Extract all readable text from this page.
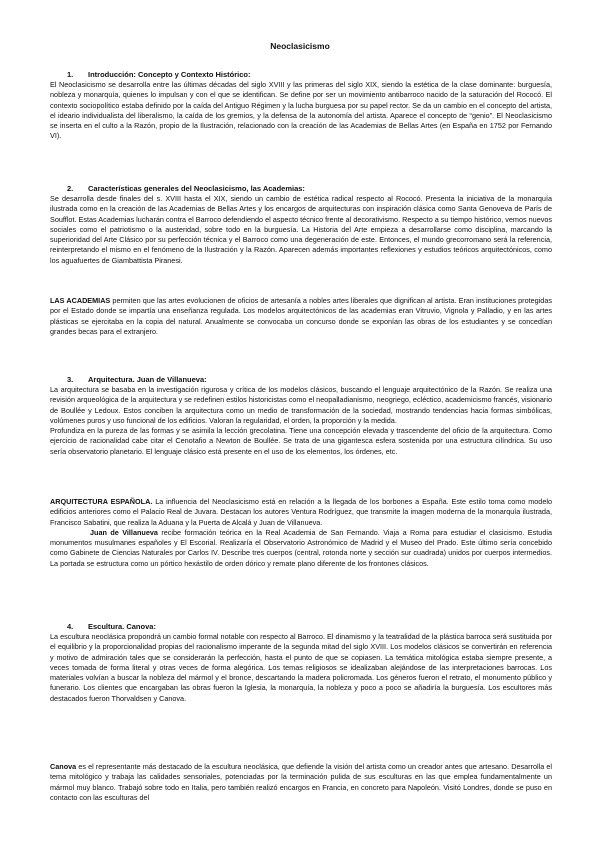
Neoclasicismo
1. Introducción: Concepto y Contexto Histórico:

El Neoclasicismo se desarrolla entre las últimas décadas del siglo XVIII y las primeras del siglo XIX, siendo la estética de la clase dominante: burguesía, nobleza y monarquía, quienes lo impulsan y con el que se identifican. Se define por ser un movimiento antibarroco nacido de la saturación del Rococó. El contexto sociopolítico estaba definido por la caída del Antiguo Régimen y la lucha burguesa por su papel rector. Se da un cambio en el concepto del artista, el ideario individualista del liberalismo, la caída de los gremios, y la defensa de la autonomía del artista. Aparece el concepto de “genio”. El Neoclasicismo se inserta en el culto a la Razón, propio de la Ilustración, relacionado con la creación de las Academias de Bellas Artes (en España en 1752 por Fernando VI).

2. Características generales del Neoclasicismo, las Academias:

Se desarrolla desde finales del s. XVIII hasta el XIX, siendo un cambio de estética radical respecto al Rococó. Presenta la iniciativa de la monarquía ilustrada como en la creación de las Academias de Bellas Artes y los encargos de arquitecturas con inspiración clásica como Santa Genoveva de París de Soufflot. Estas Academias lucharán contra el Barroco defendiendo el aspecto técnico frente al decorativismo. Respecto a su tiempo histórico, vemos nuevos sociales como el patriotismo o la austeridad, sobre todo en la burguesía. La Historia del Arte empieza a desarrollarse como disciplina, marcando la superioridad del Arte Clásico por su perfección técnica y el Barroco como una degeneración de este. Entonces, el mundo grecorromano será la referencia, reinterpretando el mismo en el fenómeno de la Ilustración y la Razón. Aparecen además importantes reflexiones y estudios teóricos arquitectónicos, como los aguafuertes de Giambattista Piranesi.

LAS ACADEMIAS permiten que las artes evolucionen de oficios de artesanía a nobles artes liberales que dignifican al artista. Eran instituciones protegidas por el Estado donde se impartía una enseñanza regulada. Los modelos arquitectónicos de las academias eran Vitruvio, Vignola y Palladio, y en las artes plásticas se ejercitaba en la copia del natural. Anualmente se convocaba un concurso donde se exponían las obras de los estudiantes y se concedían grandes becas para el extranjero.

3. Arquitectura. Juan de Villanueva:

La arquitectura se basaba en la investigación rigurosa y crítica de los modelos clásicos, buscando el lenguaje arquitectónico de la Razón. Se realiza una revisión arqueológica de la arquitectura y se redefinen estilos historicistas como el neopalladianismo, neogriego, ecléctico, academicismo francés, visionario de Boullée y Ledoux. Estos conciben la arquitectura como un medio de transformación de la sociedad, mostrando tendencias hacia formas simbólicas, volúmenes puros y uso funcional de los edificios. Valoran la regularidad, el orden, la proporción y la medida.

Profundiza en la pureza de las formas y se asimila la lección grecolatina. Tiene una concepción elevada y trascendente del oficio de la arquitectura. Como ejercicio de racionalidad cabe citar el Cenotafio a Newton de Boullée. Se trata de una gigantesca esfera sostenida por una estructura cilíndrica. Su uso sería observatorio planetario. El lenguaje clásico está presente en el uso de los elementos, los órdenes, etc.

ARQUITECTURA ESPAÑOLA. La influencia del Neoclasicismo está en relación a la llegada de los borbones a España. Este estilo toma como modelo edificios anteriores como el Palacio Real de Juvara. Destacan los autores Ventura Rodríguez, que transmite la imagen moderna de la monarquía ilustrada, Francisco Sabatini, que realiza la Aduana y la Puerta de Alcalá y Juan de Villanueva.

Juan de Villanueva recibe formación teórica en la Real Academia de San Fernando. Viaja a Roma para estudiar el clasicismo. Estudia monumentos musulmanes españoles y El Escorial. Realizaría el Observatorio Astronómico de Madrid y el Museo del Prado. Este último sería concebido como Gabinete de Ciencias Naturales por Carlos IV. Describe tres cuerpos (central, rotonda norte y sección sur cuadrada) unidos por cuerpos intermedios. La portada se estructura como un pórtico hexástilo de orden dórico y remate plano diferente de los frontones clásicos.

4. Escultura. Canova:

La escultura neoclásica propondrá un cambio formal notable con respecto al Barroco. El dinamismo y la teatralidad de la plástica barroca será sustituida por el equilibrio y la proporcionalidad propias del racionalismo imperante de la segunda mitad del siglo XVIII. Los modelos clásicos se convertirán en referencia y motivo de admiración tales que se considerarán la perfección, hasta el punto de que se copiasen. La temática mitológica estaba siempre presente, a veces tomada de forma literal y otras veces de forma alegórica. Los temas religiosos se idealizaban alejándose de las interpretaciones barrocas. Los materiales volvían a buscar la nobleza del mármol y el bronce, descartando la madera policromada. Los géneros fueron el retrato, el monumento público y funerario. Los clientes que encargaban las obras fueron la Iglesia, la monarquía, la nobleza y poco a poco se añadiría la burguesía. Los escultores más destacados fueron Thorvaldsen y Canova.

Canova es el representante más destacado de la escultura neoclásica, que defiende la visión del artista como un creador antes que artesano. Desarrolla el tema mitológico y trabaja las calidades sensoriales, potenciadas por la terminación pulida de sus esculturas en las que emplea fundamentalmente un mármol muy blanco. Trabajó sobre todo en Italia, pero también realizó encargos en Francia, en concreto para Napoleón. Visitó Londres, donde se puso en contacto con las esculturas del
